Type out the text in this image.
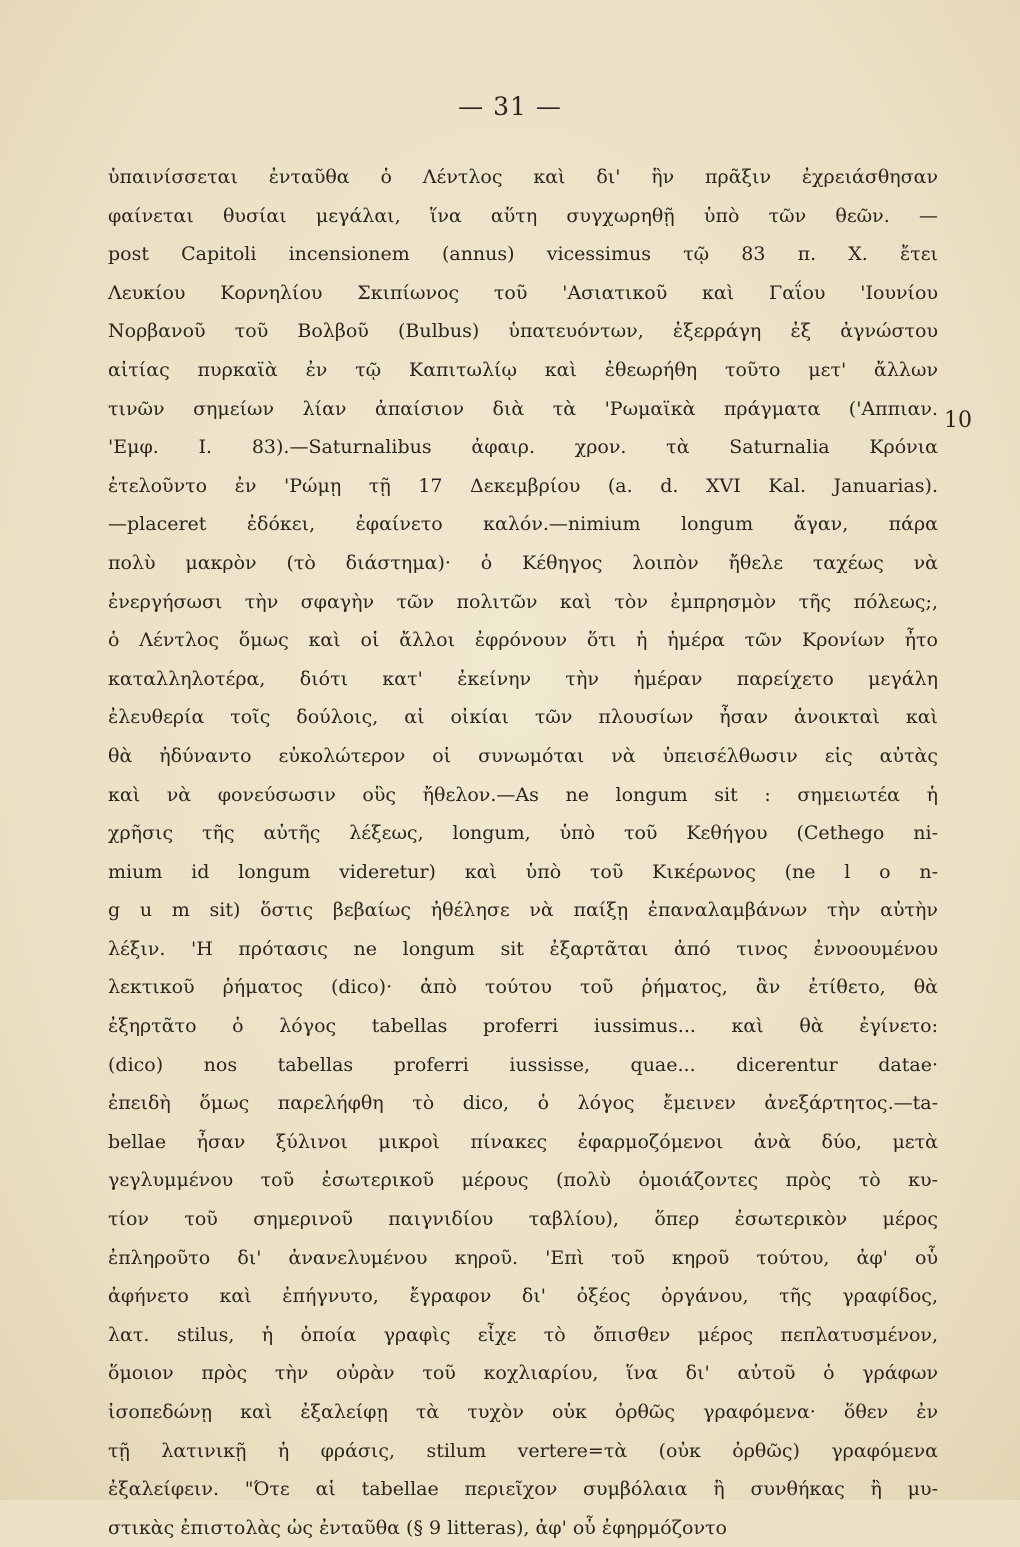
— 31 —
10
ὑπαινίσσεται ἐνταῦθα ὁ Λέντλος καὶ δι' ἣν πρᾶξιν ἐχρειάσθησαν
φαίνεται θυσίαι μεγάλαι, ἵνα αὕτη συγχωρηθῇ ὑπὸ τῶν θεῶν. —
post Capitoli incensionem (annus) vicessimus τῷ 83 π. Χ. ἔτει
Λευκίου Κορνηλίου Σκιπίωνος τοῦ 'Ασιατικοῦ καὶ Γαΐου 'Ιουνίου
Νορβανοῦ τοῦ Βολβοῦ (Bulbus) ὑπατευόντων, ἐξερράγη ἐξ ἀγνώστου
αἰτίας πυρκαϊὰ ἐν τῷ Καπιτωλίῳ καὶ ἐθεωρήθη τοῦτο μετ' ἄλλων
τινῶν σημείων λίαν ἀπαίσιον διὰ τὰ 'Ρωμαϊκὰ πράγματα ('Αππιαν.
'Εμφ. I. 83).—Saturnalibus ἀφαιρ. χρον. τὰ Saturnalia Κρόνια
ἐτελοῦντο ἐν 'Ρώμῃ τῇ 17 Δεκεμβρίου (a. d. XVI Kal. Januarias).
—placeret ἐδόκει, ἐφαίνετο καλόν.—nimium longum ἄγαν, πάρα
πολὺ μακρὸν (τὸ διάστημα)· ὁ Κέθηγος λοιπὸν ἤθελε ταχέως νὰ
ἐνεργήσωσι τὴν σφαγὴν τῶν πολιτῶν καὶ τὸν ἐμπρησμὸν τῆς πόλεως;,
ὁ Λέντλος ὅμως καὶ οἱ ἄλλοι ἐφρόνουν ὅτι ἡ ἡμέρα τῶν Κρονίων ἦτο
καταλληλοτέρα, διότι κατ' ἐκείνην τὴν ἡμέραν παρείχετο μεγάλη
ἐλευθερία τοῖς δούλοις, αἱ οἰκίαι τῶν πλουσίων ἦσαν ἀνοικταὶ καὶ
θὰ ἠδύναντο εὐκολώτερον οἱ συνωμόται νὰ ὑπεισέλθωσιν εἰς αὐτὰς
καὶ νὰ φονεύσωσιν οὓς ἤθελον.—As ne longum sit : σημειωτέα ἡ
χρῆσις τῆς αὐτῆς λέξεως, longum, ὑπὸ τοῦ Κεθήγου (Cethego ni-
mium id longum videretur) καὶ ὑπὸ τοῦ Κικέρωνος (ne l o n-
g u m sit) ὅστις βεβαίως ἠθέλησε νὰ παίξῃ ἐπαναλαμβάνων τὴν αὐτὴν
λέξιν. 'Η πρότασις ne longum sit ἐξαρτᾶται ἀπό τινος ἐννοουμένου
λεκτικοῦ ῥήματος (dico)· ἀπὸ τούτου τοῦ ῥήματος, ἂν ἐτίθετο, θὰ
ἐξηρτᾶτο ὁ λόγος tabellas proferri iussimus... καὶ θὰ ἐγίνετο:
(dico) nos tabellas proferri iussisse, quae... dicerentur datae·
ἐπειδὴ ὅμως παρελήφθη τὸ dico, ὁ λόγος ἔμεινεν ἀνεξάρτητος.—ta-
bellae ἦσαν ξύλινοι μικροὶ πίνακες ἐφαρμοζόμενοι ἀνὰ δύο, μετὰ
γεγλυμμένου τοῦ ἐσωτερικοῦ μέρους (πολὺ ὁμοιάζοντες πρὸς τὸ κυ-
τίον τοῦ σημερινοῦ παιγνιδίου ταβλίου), ὅπερ ἐσωτερικὸν μέρος
ἐπληροῦτο δι' ἀνανελυμένου κηροῦ. 'Επὶ τοῦ κηροῦ τούτου, ἀφ' οὗ
ἀφήνετο καὶ ἐπήγνυτο, ἔγραφον δι' ὀξέος ὀργάνου, τῆς γραφίδος,
λατ. stilus, ἡ ὁποία γραφὶς εἶχε τὸ ὄπισθεν μέρος πεπλατυσμένον,
ὅμοιον πρὸς τὴν οὐρὰν τοῦ κοχλιαρίου, ἵνα δι' αὐτοῦ ὁ γράφων
ἰσοπεδώνῃ καὶ ἐξαλείφῃ τὰ τυχὸν οὐκ ὀρθῶς γραφόμενα· ὅθεν ἐν
τῇ λατινικῇ ἡ φράσις, stilum vertere=τὰ (οὐκ ὀρθῶς) γραφόμενα
ἐξαλείφειν. "Ότε αἱ tabellae περιεῖχον συμβόλαια ἢ συνθήκας ἢ μυ-
στικὰς ἐπιστολὰς ὡς ἐνταῦθα (§ 9 litteras), ἀφ' οὗ ἐφηρμόζοντο
